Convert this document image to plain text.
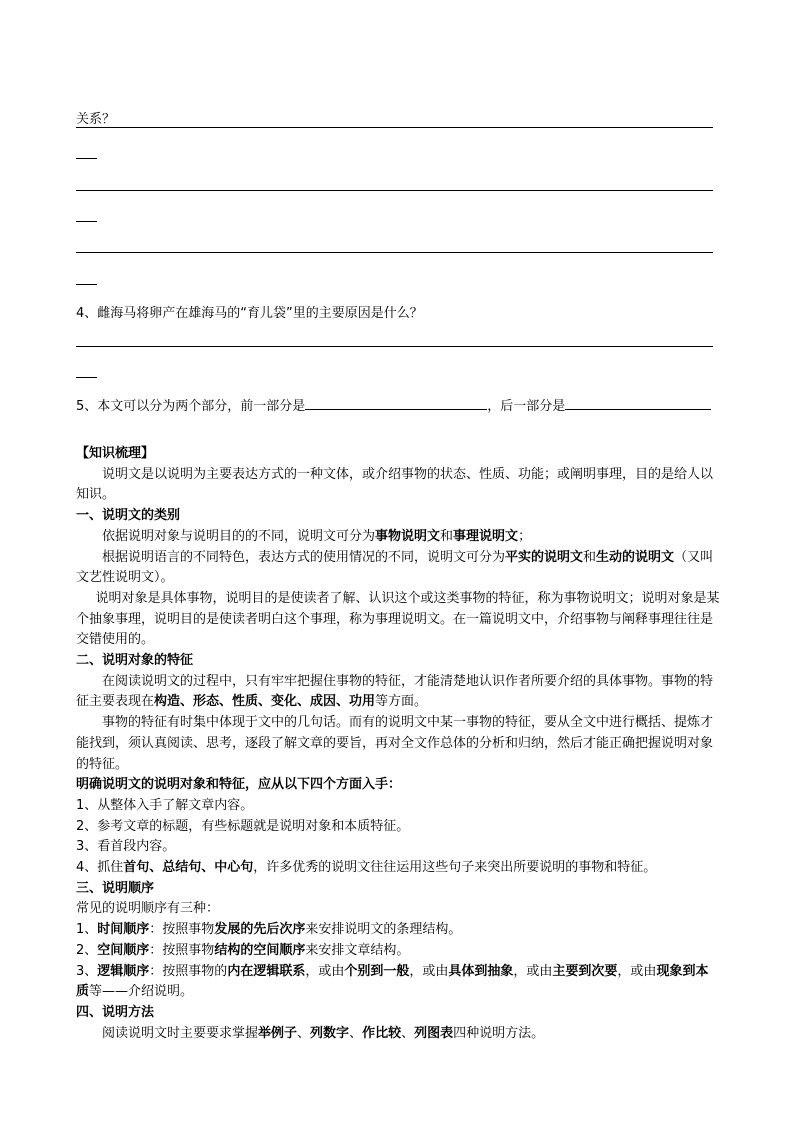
关系？
4、雌海马将卵产在雄海马的“育儿袋”里的主要原因是什么？
5、本文可以分为两个部分，前一部分是	，后一部分是

【知识梳理】

说明文是以说明为主要表达方式的一种文体，或介绍事物的状态、性质、功能；或阐明事理，目的是给人以知识。

一、说明文的类别

依据说明对象与说明目的的不同，说明文可分为事物说明文和事理说明文；

根据说明语言的不同特色，表达方式的使用情况的不同，说明文可分为平实的说明文和生动的说明文（又叫文艺性说明文）。

说明对象是具体事物，说明目的是使读者了解、认识这个或这类事物的特征，称为事物说明文；说明对象是某个抽象事理，说明目的是使读者明白这个事理，称为事理说明文。在一篇说明文中，介绍事物与阐释事理往往是交错使用的。

二、说明对象的特征

在阅读说明文的过程中，只有牢牢把握住事物的特征，才能清楚地认识作者所要介绍的具体事物。事物的特征主要表现在构造、形态、性质、变化、成因、功用等方面。

事物的特征有时集中体现于文中的几句话。而有的说明文中某一事物的特征，要从全文中进行概括、提炼才能找到，须认真阅读、思考，逐段了解文章的要旨，再对全文作总体的分析和归纳，然后才能正确把握说明对象的特征。

明确说明文的说明对象和特征，应从以下四个方面入手：

1、从整体入手了解文章内容。

2、参考文章的标题，有些标题就是说明对象和本质特征。

3、看首段内容。

4、抓住首句、总结句、中心句，许多优秀的说明文往往运用这些句子来突出所要说明的事物和特征。

三、说明顺序

常见的说明顺序有三种：

1、时间顺序：按照事物发展的先后次序来安排说明文的条理结构。

2、空间顺序：按照事物结构的空间顺序来安排文章结构。

3、逻辑顺序：按照事物的内在逻辑联系，或由个别到一般，或由具体到抽象，或由主要到次要，或由现象到本质等——介绍说明。

四、说明方法

阅读说明文时主要要求掌握举例子、列数字、作比较、列图表四种说明方法。
